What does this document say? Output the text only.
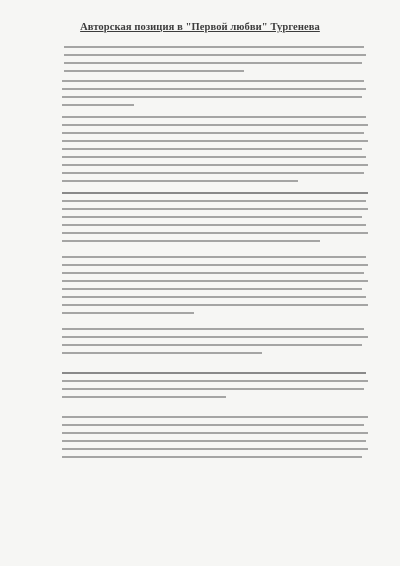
Авторская позиция в "Первой любви" Тургенева
